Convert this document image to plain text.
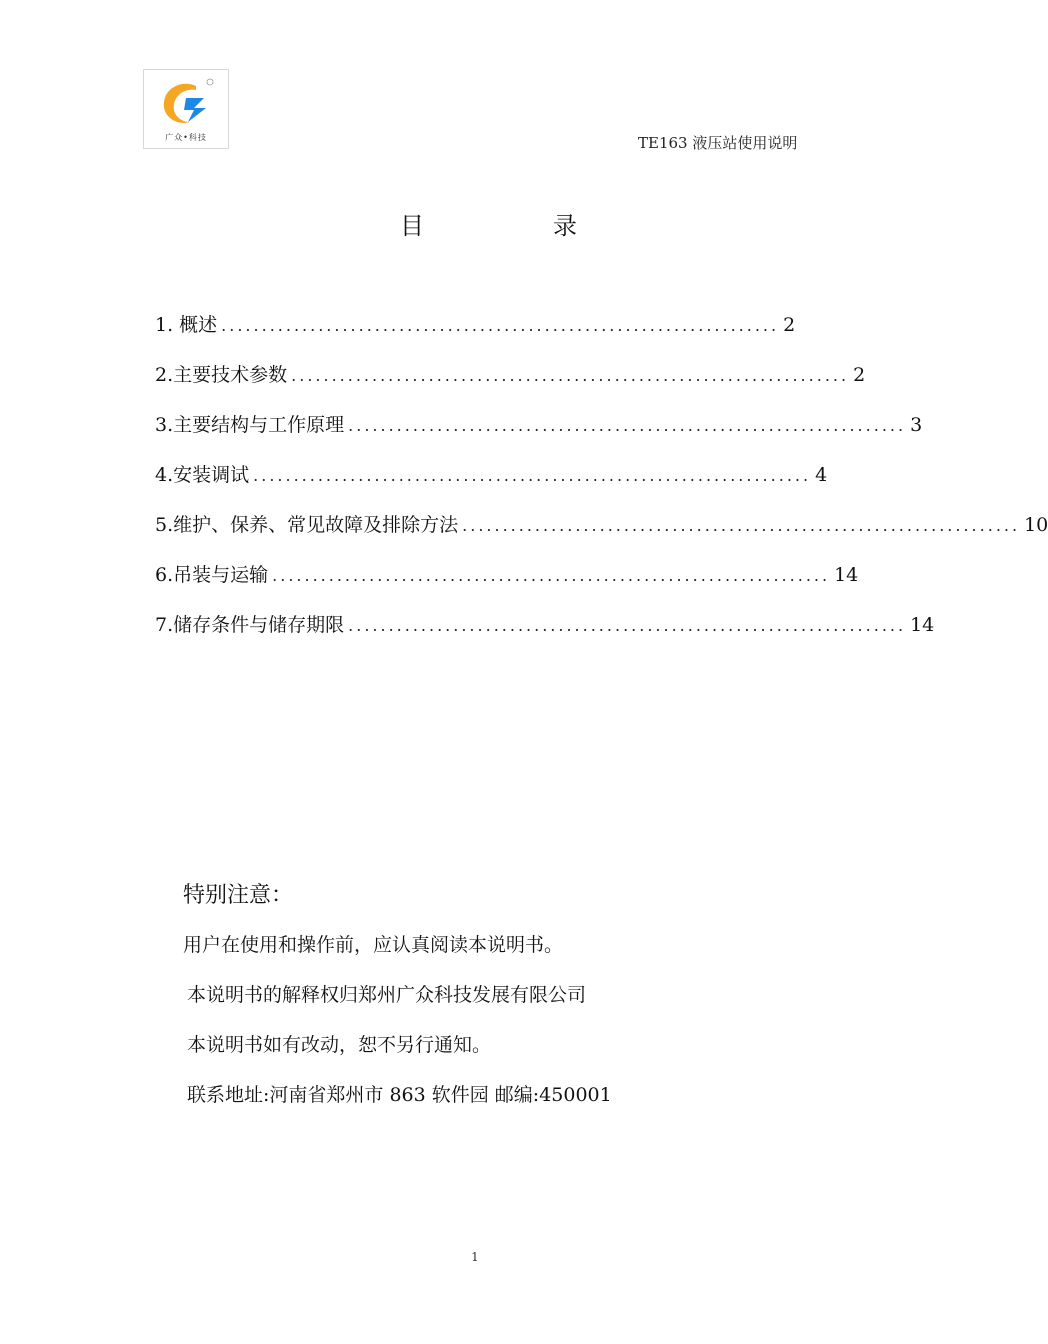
广众•科技	TE163 液压站使用说明
目	录
1. 概述 ..................................................................... 2
2.主要技术参数 ..................................................................... 2
3.主要结构与工作原理 ..................................................................... 3
4.安装调试 ..................................................................... 4
5.维护、保养、常见故障及排除方法 ..................................................................... 10
6.吊装与运输 ..................................................................... 14
7.储存条件与储存期限 ..................................................................... 14
特别注意：
用户在使用和操作前，应认真阅读本说明书。
本说明书的解释权归郑州广众科技发展有限公司
本说明书如有改动，恕不另行通知。
联系地址:河南省郑州市 863 软件园 邮编:450001
1
